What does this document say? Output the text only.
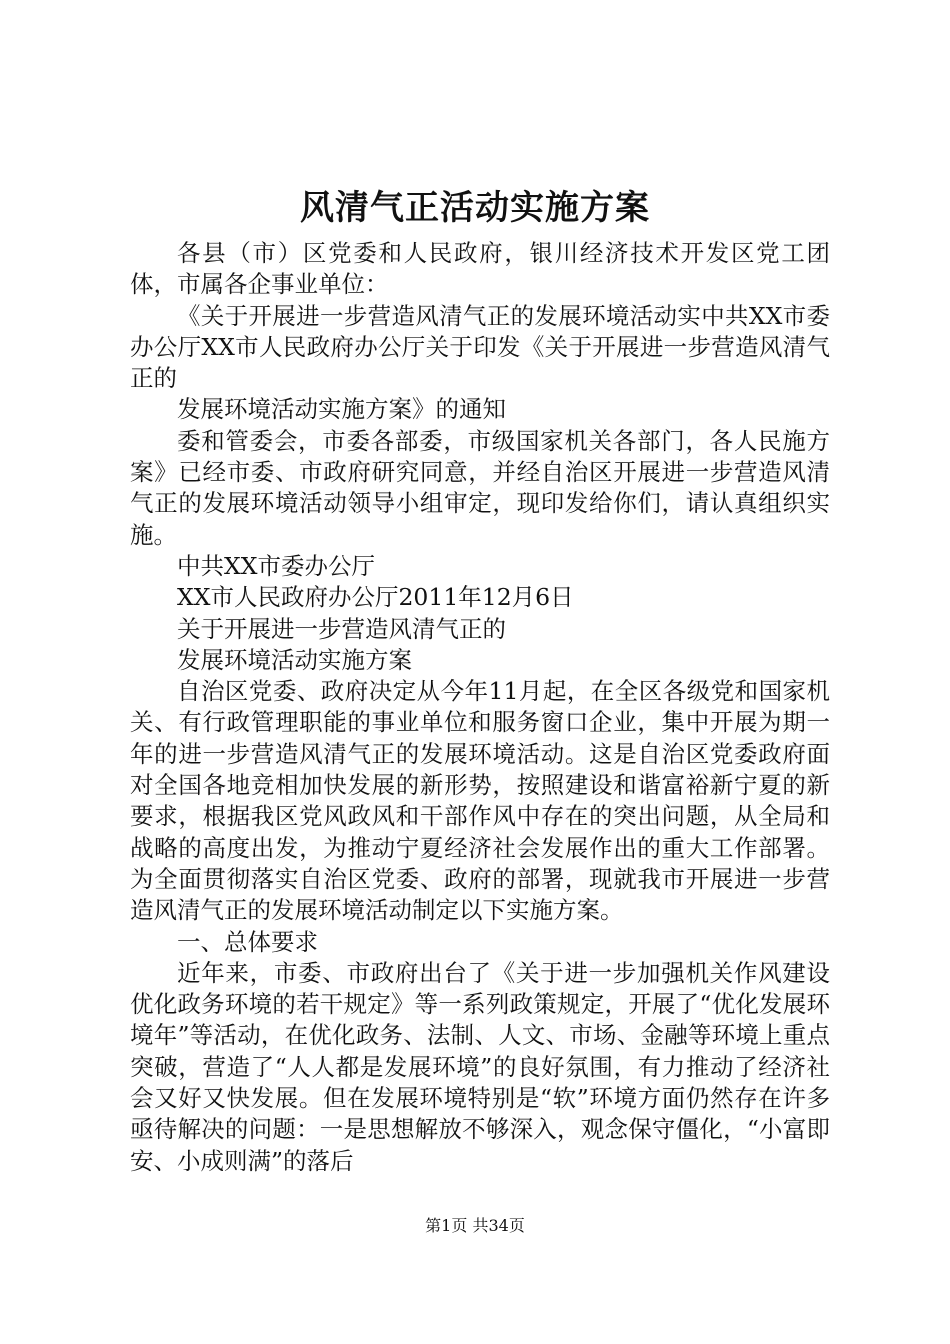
风清气正活动实施方案

各县（市）区党委和人民政府，银川经济技术开发区党工团体，市属各企事业单位：

《关于开展进一步营造风清气正的发展环境活动实中共XX市委办公厅XX市人民政府办公厅关于印发《关于开展进一步营造风清气正的

发展环境活动实施方案》的通知

委和管委会，市委各部委，市级国家机关各部门，各人民施方案》已经市委、市政府研究同意，并经自治区开展进一步营造风清气正的发展环境活动领导小组审定，现印发给你们，请认真组织实施。

中共XX市委办公厅

XX市人民政府办公厅2011年12月6日

关于开展进一步营造风清气正的

发展环境活动实施方案

自治区党委、政府决定从今年11月起，在全区各级党和国家机关、有行政管理职能的事业单位和服务窗口企业，集中开展为期一年的进一步营造风清气正的发展环境活动。这是自治区党委政府面对全国各地竞相加快发展的新形势，按照建设和谐富裕新宁夏的新要求，根据我区党风政风和干部作风中存在的突出问题，从全局和战略的高度出发，为推动宁夏经济社会发展作出的重大工作部署。为全面贯彻落实自治区党委、政府的部署，现就我市开展进一步营造风清气正的发展环境活动制定以下实施方案。

一、总体要求

近年来，市委、市政府出台了《关于进一步加强机关作风建设优化政务环境的若干规定》等一系列政策规定，开展了“优化发展环境年”等活动，在优化政务、法制、人文、市场、金融等环境上重点突破，营造了“人人都是发展环境”的良好氛围，有力推动了经济社会又好又快发展。但在发展环境特别是“软”环境方面仍然存在许多亟待解决的问题：一是思想解放不够深入，观念保守僵化，“小富即安、小成则满”的落后

第1页 共34页
